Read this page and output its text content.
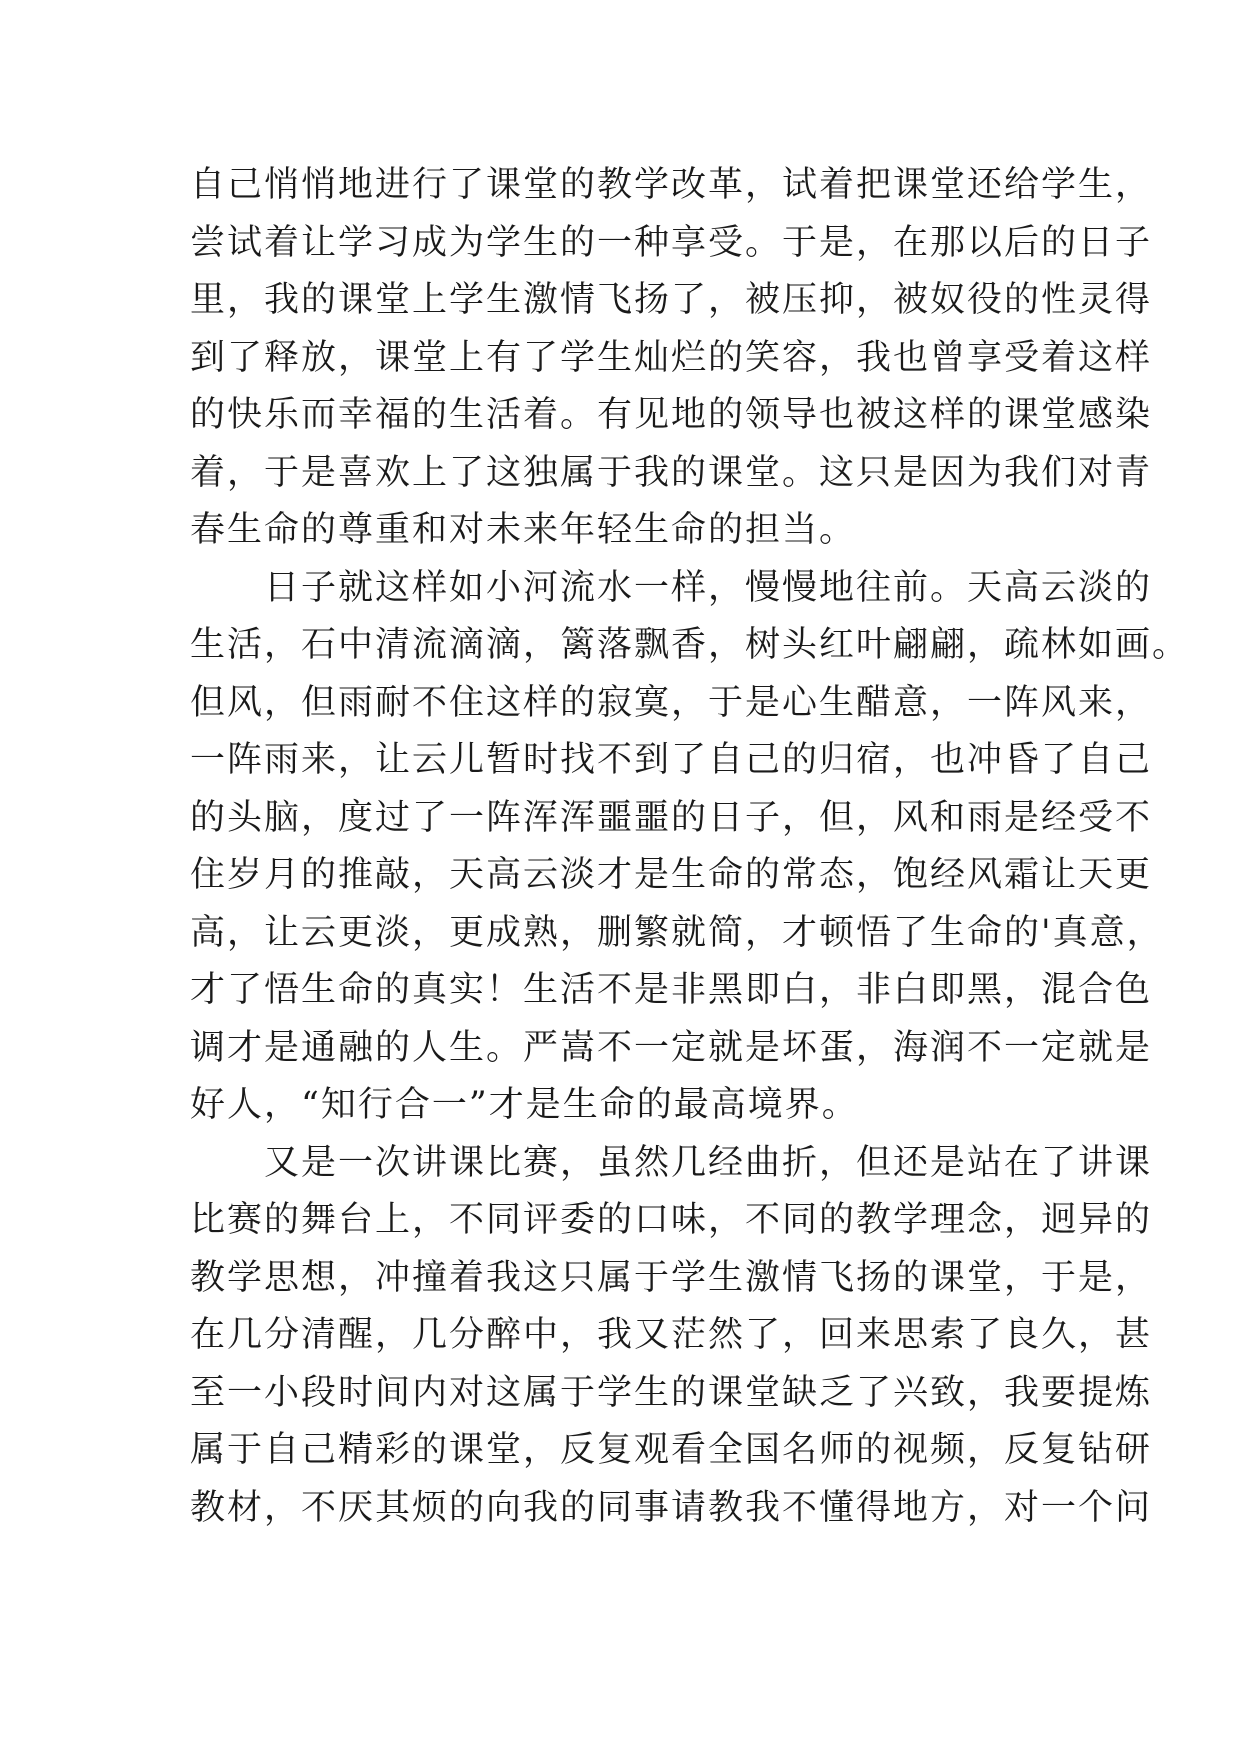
自己悄悄地进行了课堂的教学改革，试着把课堂还给学生，
尝试着让学习成为学生的一种享受。于是，在那以后的日子
里，我的课堂上学生激情飞扬了，被压抑，被奴役的性灵得
到了释放，课堂上有了学生灿烂的笑容，我也曾享受着这样
的快乐而幸福的生活着。有见地的领导也被这样的课堂感染
着，于是喜欢上了这独属于我的课堂。这只是因为我们对青
春生命的尊重和对未来年轻生命的担当。
　　日子就这样如小河流水一样，慢慢地往前。天高云淡的
生活，石中清流滴滴，篱落飘香，树头红叶翩翩，疏林如画。
但风，但雨耐不住这样的寂寞，于是心生醋意，一阵风来，
一阵雨来，让云儿暂时找不到了自己的归宿，也冲昏了自己
的头脑，度过了一阵浑浑噩噩的日子，但，风和雨是经受不
住岁月的推敲，天高云淡才是生命的常态，饱经风霜让天更
高，让云更淡，更成熟，删繁就简，才顿悟了生命的'真意，
才了悟生命的真实！生活不是非黑即白，非白即黑，混合色
调才是通融的人生。严嵩不一定就是坏蛋，海润不一定就是
好人，“知行合一”才是生命的最高境界。
　　又是一次讲课比赛，虽然几经曲折，但还是站在了讲课
比赛的舞台上，不同评委的口味，不同的教学理念，迥异的
教学思想，冲撞着我这只属于学生激情飞扬的课堂，于是，
在几分清醒，几分醉中，我又茫然了，回来思索了良久，甚
至一小段时间内对这属于学生的课堂缺乏了兴致，我要提炼
属于自己精彩的课堂，反复观看全国名师的视频，反复钻研
教材，不厌其烦的向我的同事请教我不懂得地方，对一个问
